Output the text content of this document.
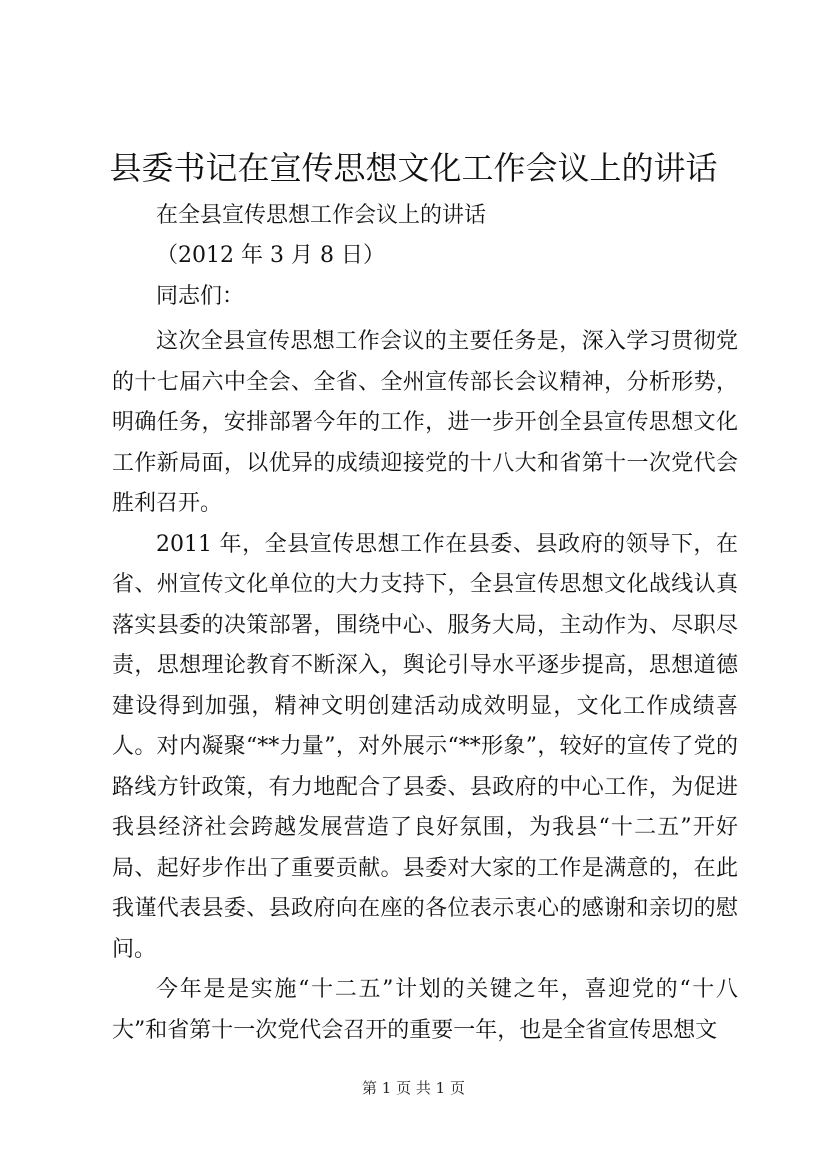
县委书记在宣传思想文化工作会议上的讲话
在全县宣传思想工作会议上的讲话
（2012 年 3 月 8 日）
同志们：

这次全县宣传思想工作会议的主要任务是，深入学习贯彻党的十七届六中全会、全省、全州宣传部长会议精神，分析形势，明确任务，安排部署今年的工作，进一步开创全县宣传思想文化工作新局面，以优异的成绩迎接党的十八大和省第十一次党代会胜利召开。

2011 年，全县宣传思想工作在县委、县政府的领导下，在省、州宣传文化单位的大力支持下，全县宣传思想文化战线认真落实县委的决策部署，围绕中心、服务大局，主动作为、尽职尽责，思想理论教育不断深入，舆论引导水平逐步提高，思想道德建设得到加强，精神文明创建活动成效明显，文化工作成绩喜人。对内凝聚“**力量”，对外展示“**形象”，较好的宣传了党的路线方针政策，有力地配合了县委、县政府的中心工作，为促进我县经济社会跨越发展营造了良好氛围，为我县“十二五”开好局、起好步作出了重要贡献。县委对大家的工作是满意的，在此我谨代表县委、县政府向在座的各位表示衷心的感谢和亲切的慰问。

今年是是实施“十二五”计划的关键之年，喜迎党的“十八大”和省第十一次党代会召开的重要一年，也是全省宣传思想文

第 1 页 共 1 页
